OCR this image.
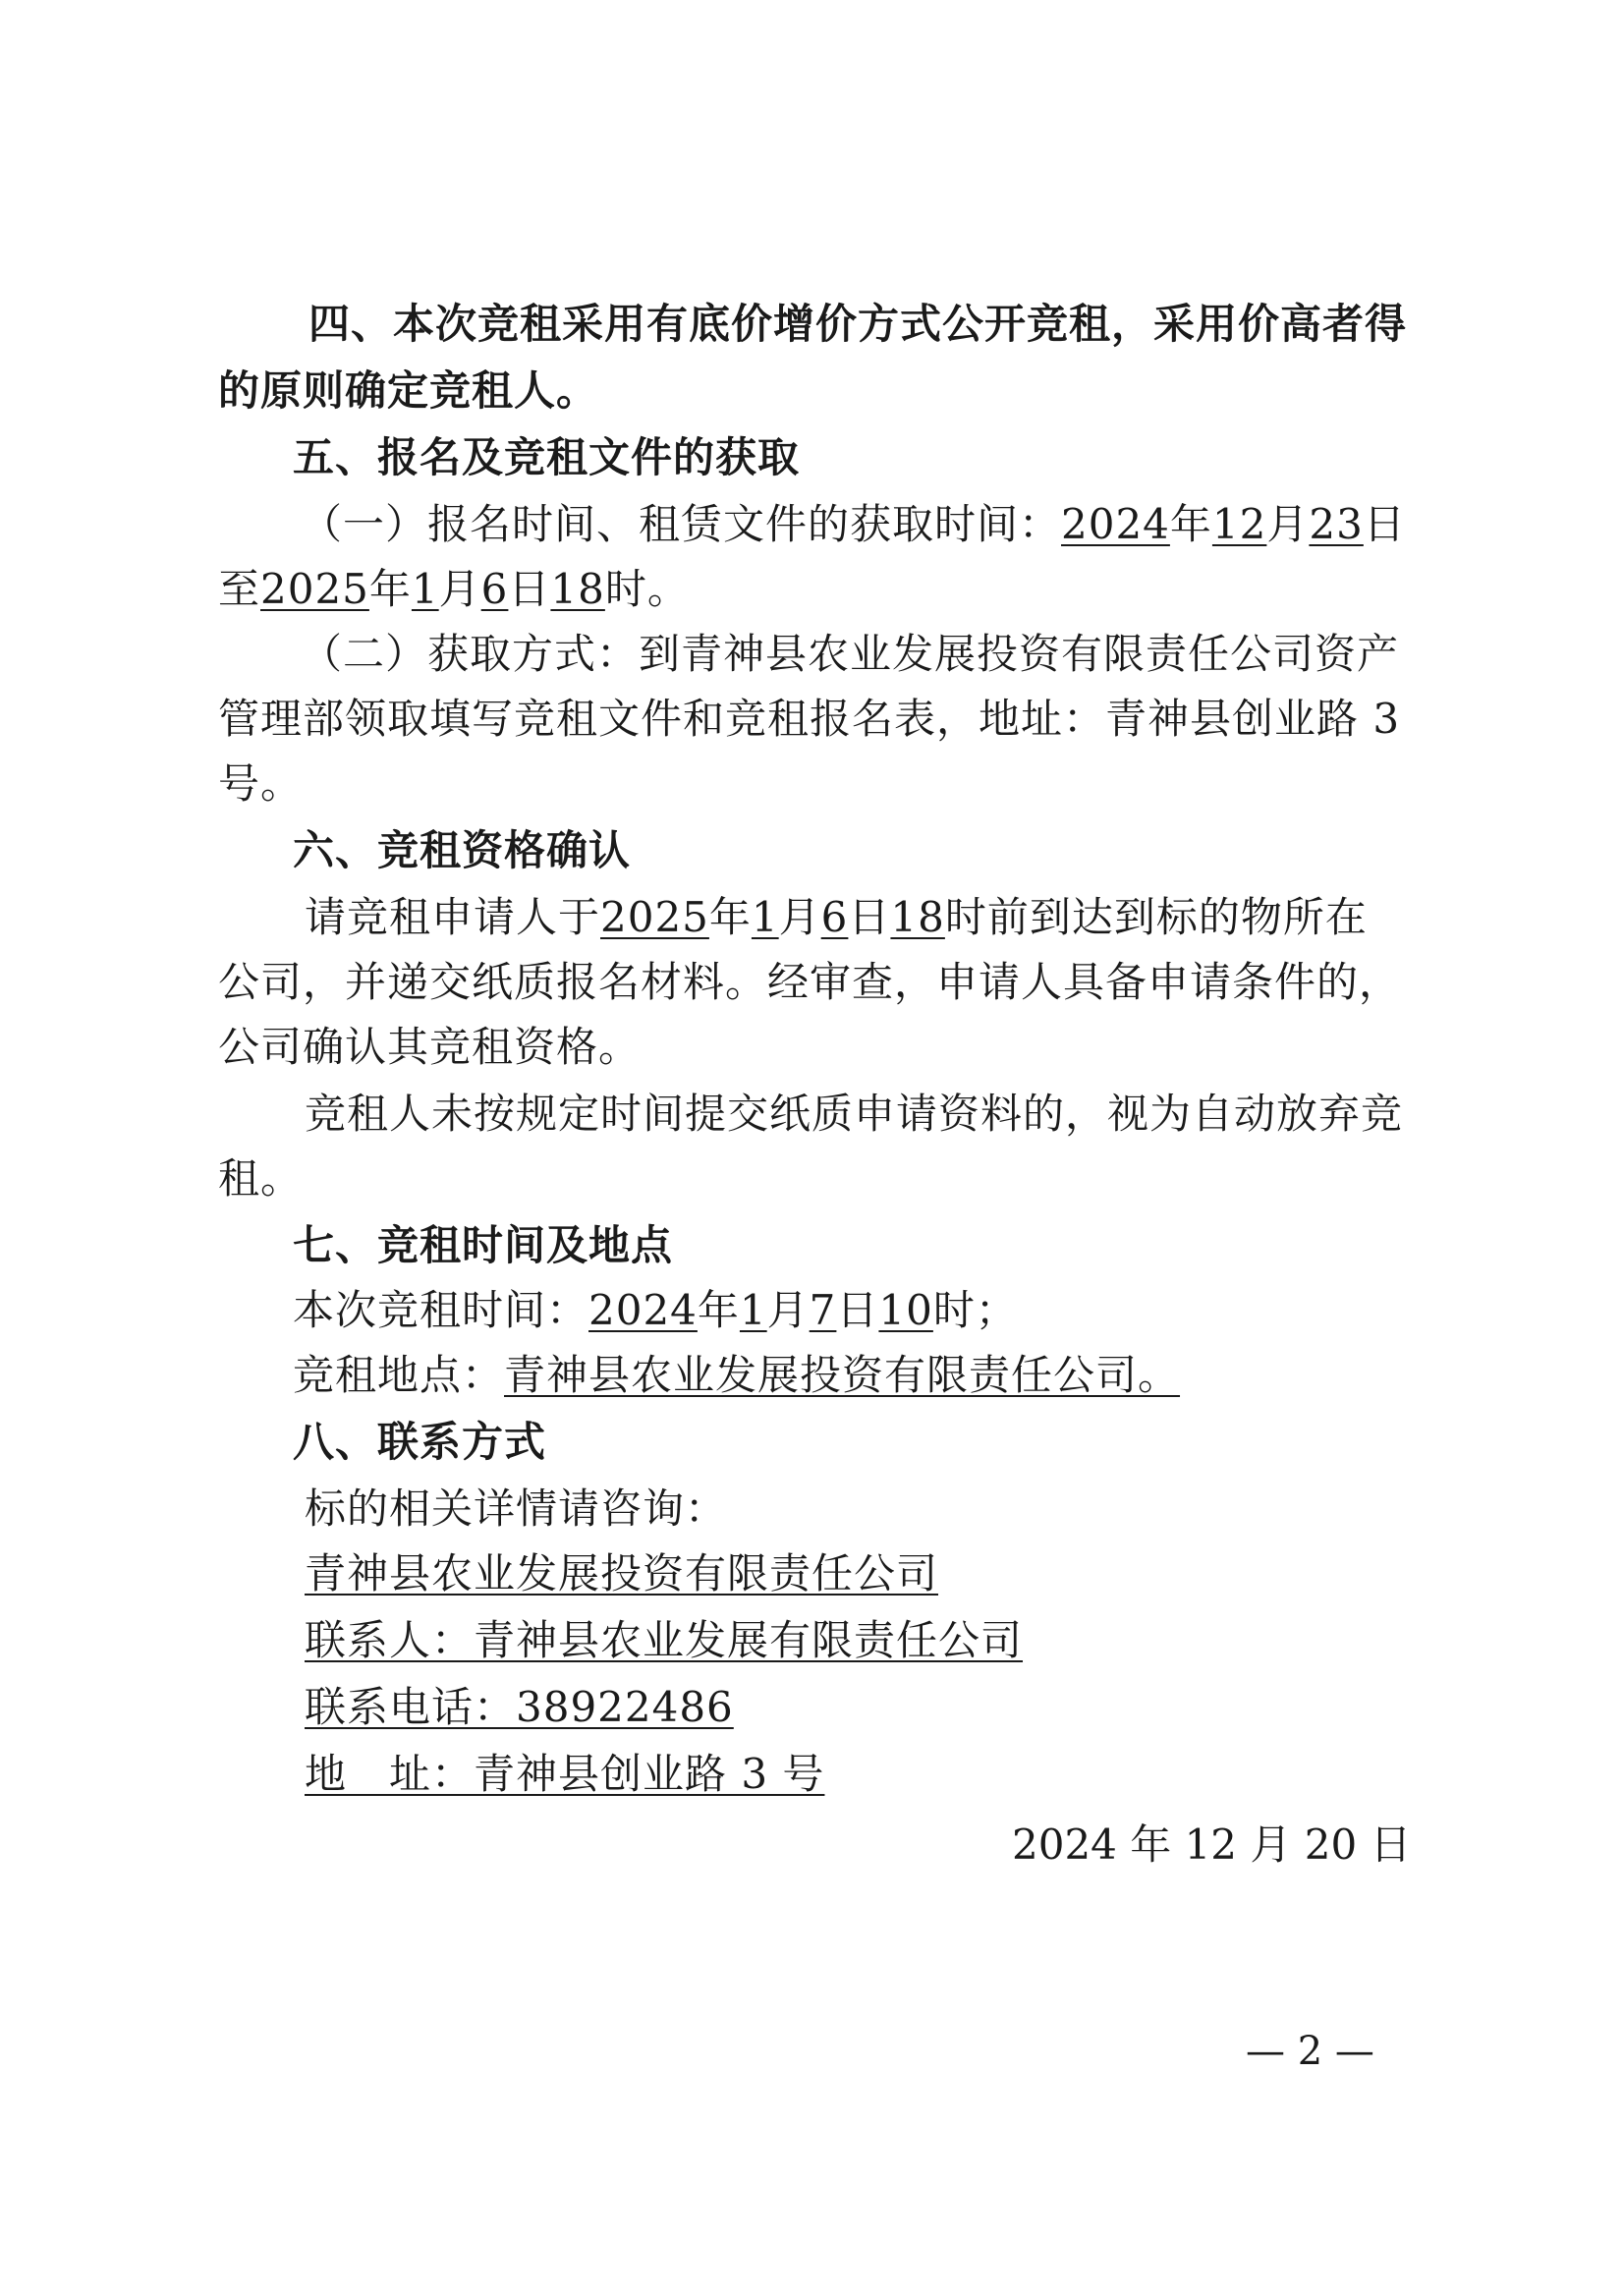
四、本次竞租采用有底价增价方式公开竞租，采用价高者得
的原则确定竞租人。
五、报名及竞租文件的获取
（一）报名时间、租赁文件的获取时间：2024年12月23日
至2025年1月6日18时。
（二）获取方式：到青神县农业发展投资有限责任公司资产
管理部领取填写竞租文件和竞租报名表，地址：青神县创业路 3
号。
六、竞租资格确认
请竞租申请人于2025年1月6日18时前到达到标的物所在
公司，并递交纸质报名材料。经审查，申请人具备申请条件的，
公司确认其竞租资格。
竞租人未按规定时间提交纸质申请资料的，视为自动放弃竞
租。
七、竞租时间及地点
本次竞租时间：2024年1月7日10时；
竞租地点：青神县农业发展投资有限责任公司。
八、联系方式
标的相关详情请咨询：
青神县农业发展投资有限责任公司
联系人：青神县农业发展有限责任公司
联系电话：38922486
地　址：青神县创业路 3 号
2024 年 12 月 20 日
— 2 —
